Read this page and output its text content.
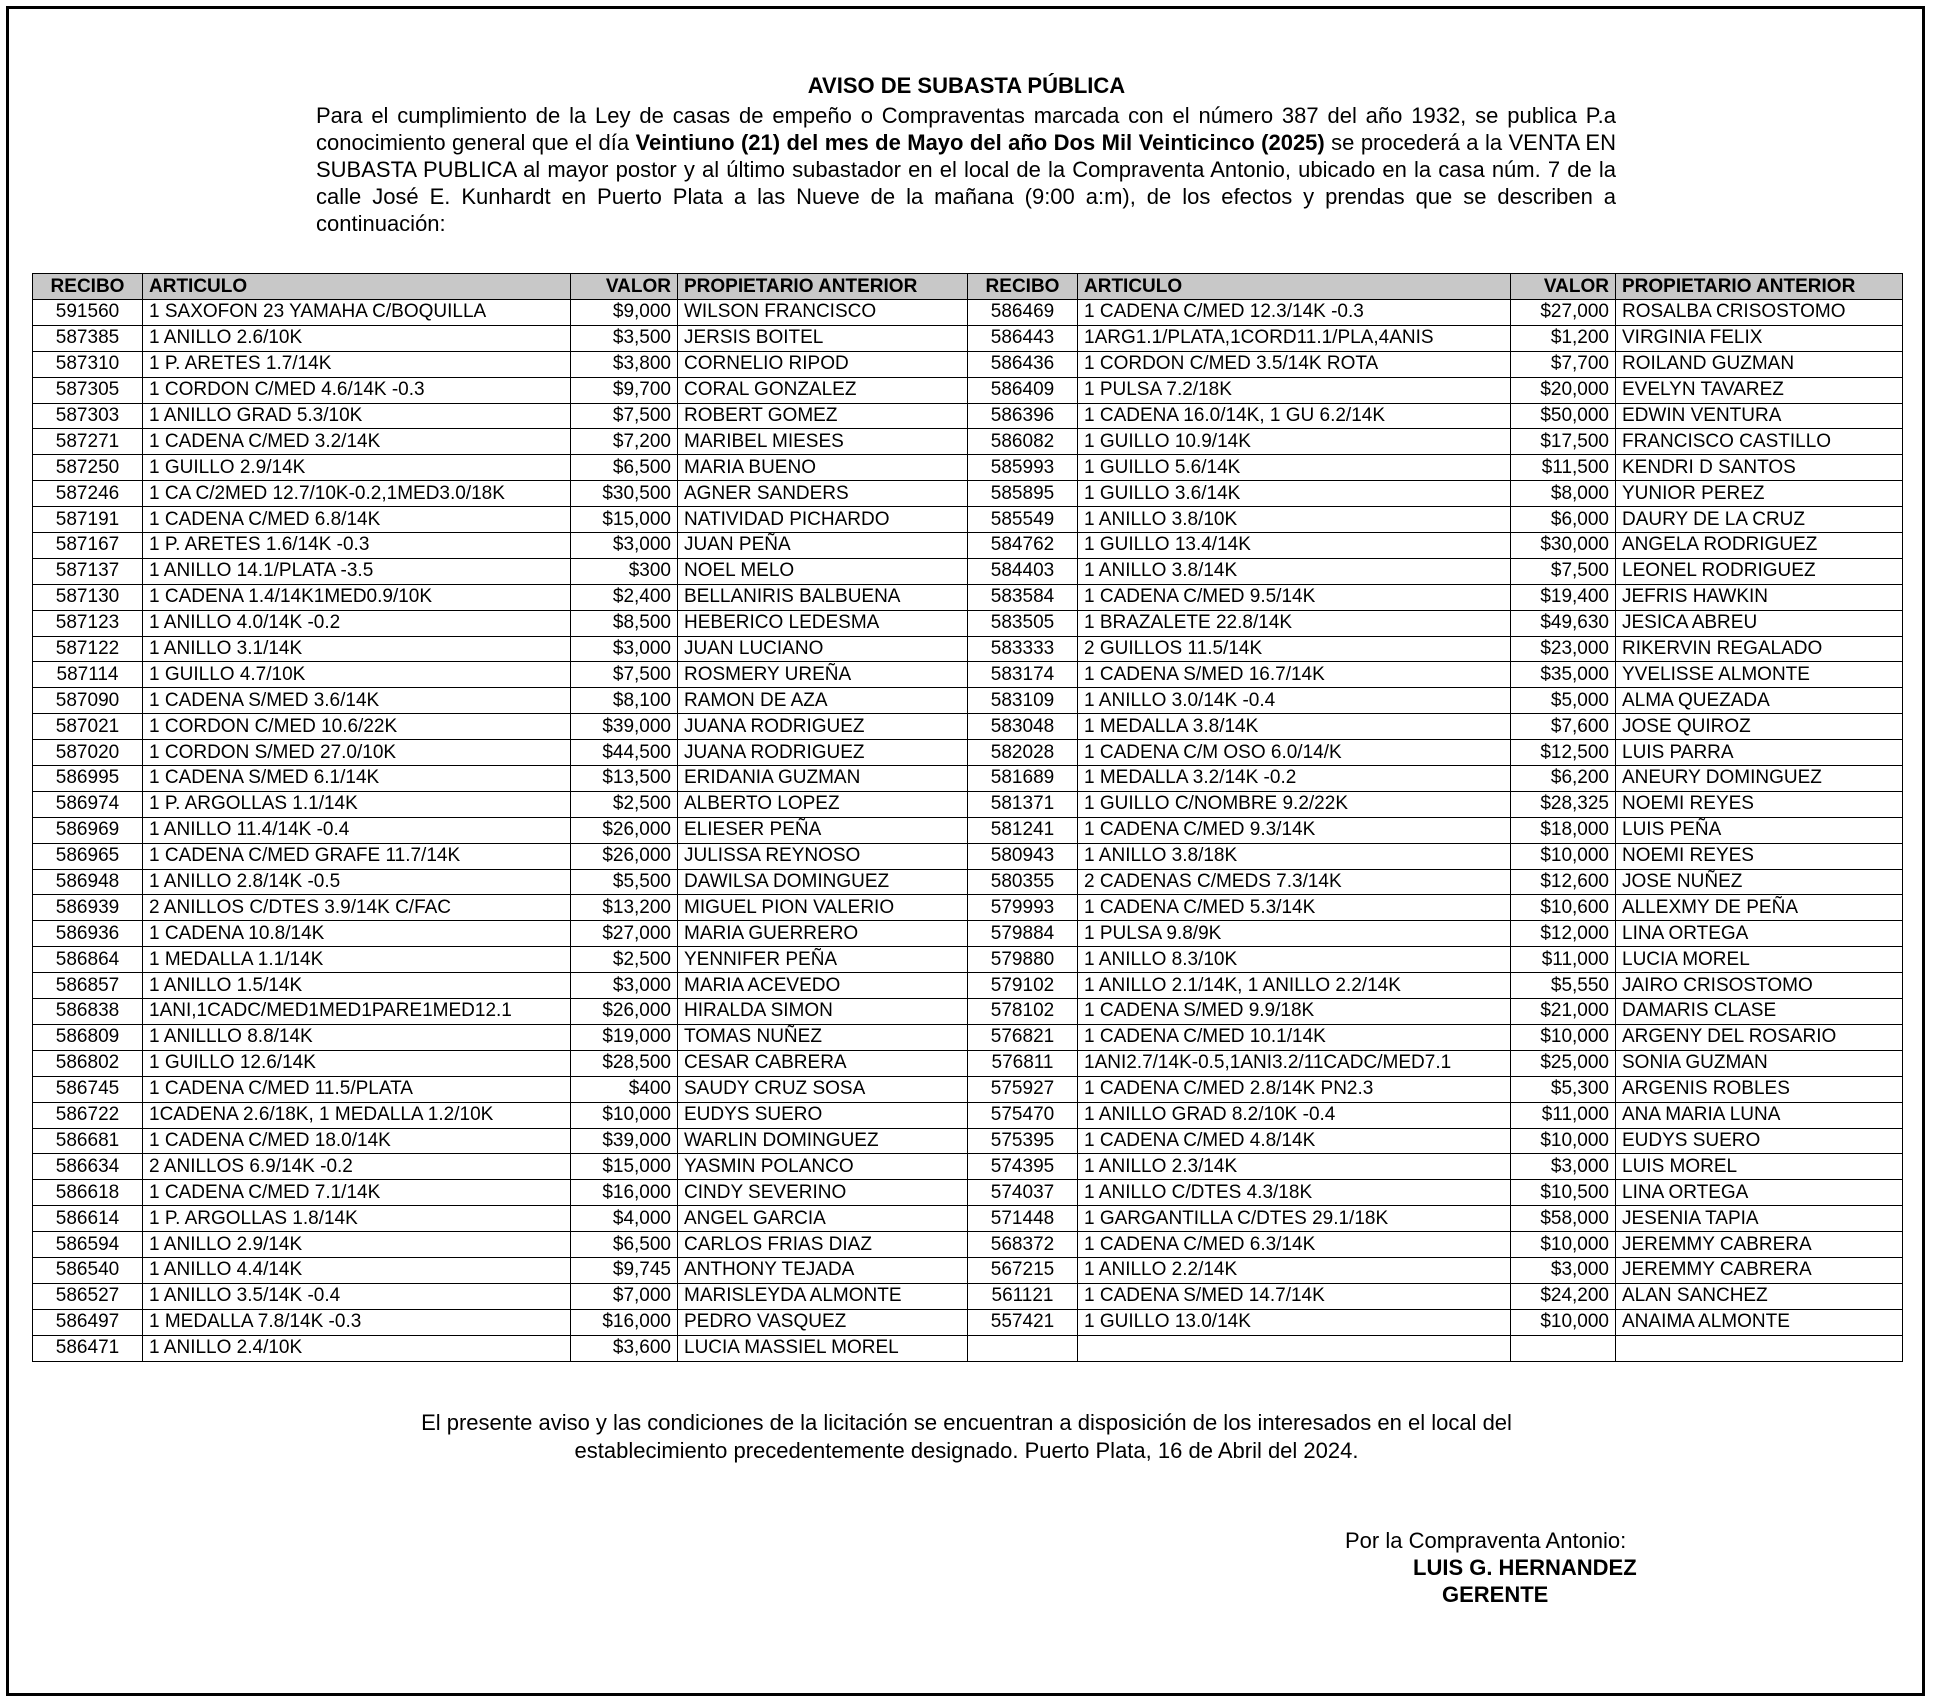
AVISO DE SUBASTA PÚBLICA

Para el cumplimiento de la Ley de casas de empeño o Compraventas marcada con el número 387 del año 1932, se publica P.a conocimiento general que el día Veintiuno (21) del mes de Mayo del año Dos Mil Veinticinco (2025) se procederá a la VENTA EN SUBASTA PUBLICA al mayor postor y al último subastador en el local de la Compraventa Antonio, ubicado en la casa núm. 7 de la calle José E. Kunhardt en Puerto Plata a las Nueve de la mañana (9:00 a:m), de los efectos y prendas que se describen a continuación:

RECIBO	ARTICULO	VALOR	PROPIETARIO ANTERIOR	RECIBO	ARTICULO	VALOR	PROPIETARIO ANTERIOR
591560	1 SAXOFON 23 YAMAHA C/BOQUILLA	$9,000	WILSON FRANCISCO	586469	1 CADENA C/MED 12.3/14K -0.3	$27,000	ROSALBA CRISOSTOMO
587385	1 ANILLO 2.6/10K	$3,500	JERSIS BOITEL	586443	1ARG1.1/PLATA,1CORD11.1/PLA,4ANIS	$1,200	VIRGINIA FELIX
587310	1 P. ARETES 1.7/14K	$3,800	CORNELIO RIPOD	586436	1 CORDON C/MED 3.5/14K ROTA	$7,700	ROILAND GUZMAN
587305	1 CORDON C/MED 4.6/14K -0.3	$9,700	CORAL GONZALEZ	586409	1 PULSA 7.2/18K	$20,000	EVELYN TAVAREZ
587303	1 ANILLO GRAD 5.3/10K	$7,500	ROBERT GOMEZ	586396	1 CADENA 16.0/14K, 1 GU 6.2/14K	$50,000	EDWIN VENTURA
587271	1 CADENA C/MED 3.2/14K	$7,200	MARIBEL MIESES	586082	1 GUILLO 10.9/14K	$17,500	FRANCISCO CASTILLO
587250	1 GUILLO 2.9/14K	$6,500	MARIA BUENO	585993	1 GUILLO 5.6/14K	$11,500	KENDRI D SANTOS
587246	1 CA C/2MED 12.7/10K-0.2,1MED3.0/18K	$30,500	AGNER SANDERS	585895	1 GUILLO 3.6/14K	$8,000	YUNIOR PEREZ
587191	1 CADENA C/MED 6.8/14K	$15,000	NATIVIDAD PICHARDO	585549	1 ANILLO 3.8/10K	$6,000	DAURY DE LA CRUZ
587167	1 P. ARETES 1.6/14K -0.3	$3,000	JUAN PEÑA	584762	1 GUILLO 13.4/14K	$30,000	ANGELA RODRIGUEZ
587137	1 ANILLO 14.1/PLATA -3.5	$300	NOEL MELO	584403	1 ANILLO 3.8/14K	$7,500	LEONEL RODRIGUEZ
587130	1 CADENA 1.4/14K1MED0.9/10K	$2,400	BELLANIRIS BALBUENA	583584	1 CADENA C/MED 9.5/14K	$19,400	JEFRIS HAWKIN
587123	1 ANILLO 4.0/14K -0.2	$8,500	HEBERICO LEDESMA	583505	1 BRAZALETE 22.8/14K	$49,630	JESICA ABREU
587122	1 ANILLO 3.1/14K	$3,000	JUAN LUCIANO	583333	2 GUILLOS 11.5/14K	$23,000	RIKERVIN REGALADO
587114	1 GUILLO 4.7/10K	$7,500	ROSMERY UREÑA	583174	1 CADENA S/MED 16.7/14K	$35,000	YVELISSE ALMONTE
587090	1 CADENA S/MED 3.6/14K	$8,100	RAMON DE AZA	583109	1 ANILLO 3.0/14K -0.4	$5,000	ALMA QUEZADA
587021	1 CORDON C/MED 10.6/22K	$39,000	JUANA RODRIGUEZ	583048	1 MEDALLA 3.8/14K	$7,600	JOSE QUIROZ
587020	1 CORDON S/MED 27.0/10K	$44,500	JUANA RODRIGUEZ	582028	1 CADENA C/M OSO 6.0/14/K	$12,500	LUIS PARRA
586995	1 CADENA S/MED 6.1/14K	$13,500	ERIDANIA GUZMAN	581689	1 MEDALLA 3.2/14K -0.2	$6,200	ANEURY DOMINGUEZ
586974	1 P. ARGOLLAS 1.1/14K	$2,500	ALBERTO LOPEZ	581371	1 GUILLO C/NOMBRE 9.2/22K	$28,325	NOEMI REYES
586969	1 ANILLO 11.4/14K -0.4	$26,000	ELIESER PEÑA	581241	1 CADENA C/MED 9.3/14K	$18,000	LUIS PEÑA
586965	1 CADENA C/MED GRAFE 11.7/14K	$26,000	JULISSA REYNOSO	580943	1 ANILLO 3.8/18K	$10,000	NOEMI REYES
586948	1 ANILLO 2.8/14K -0.5	$5,500	DAWILSA DOMINGUEZ	580355	2 CADENAS C/MEDS 7.3/14K	$12,600	JOSE NUÑEZ
586939	2 ANILLOS C/DTES 3.9/14K C/FAC	$13,200	MIGUEL PION VALERIO	579993	1 CADENA C/MED 5.3/14K	$10,600	ALLEXMY DE PEÑA
586936	1 CADENA 10.8/14K	$27,000	MARIA GUERRERO	579884	1 PULSA 9.8/9K	$12,000	LINA ORTEGA
586864	1 MEDALLA 1.1/14K	$2,500	YENNIFER PEÑA	579880	1 ANILLO 8.3/10K	$11,000	LUCIA MOREL
586857	1 ANILLO 1.5/14K	$3,000	MARIA ACEVEDO	579102	1 ANILLO 2.1/14K, 1 ANILLO 2.2/14K	$5,550	JAIRO CRISOSTOMO
586838	1ANI,1CADC/MED1MED1PARE1MED12.1	$26,000	HIRALDA SIMON	578102	1 CADENA S/MED 9.9/18K	$21,000	DAMARIS CLASE
586809	1 ANILLLO 8.8/14K	$19,000	TOMAS NUÑEZ	576821	1 CADENA C/MED 10.1/14K	$10,000	ARGENY DEL ROSARIO
586802	1 GUILLO 12.6/14K	$28,500	CESAR CABRERA	576811	1ANI2.7/14K-0.5,1ANI3.2/11CADC/MED7.1	$25,000	SONIA GUZMAN
586745	1 CADENA C/MED 11.5/PLATA	$400	SAUDY CRUZ SOSA	575927	1 CADENA C/MED 2.8/14K PN2.3	$5,300	ARGENIS ROBLES
586722	1CADENA 2.6/18K, 1 MEDALLA 1.2/10K	$10,000	EUDYS SUERO	575470	1 ANILLO GRAD 8.2/10K -0.4	$11,000	ANA MARIA LUNA
586681	1 CADENA C/MED 18.0/14K	$39,000	WARLIN DOMINGUEZ	575395	1 CADENA C/MED 4.8/14K	$10,000	EUDYS SUERO
586634	2 ANILLOS 6.9/14K -0.2	$15,000	YASMIN POLANCO	574395	1 ANILLO 2.3/14K	$3,000	LUIS MOREL
586618	1 CADENA C/MED 7.1/14K	$16,000	CINDY SEVERINO	574037	1 ANILLO C/DTES 4.3/18K	$10,500	LINA ORTEGA
586614	1 P. ARGOLLAS 1.8/14K	$4,000	ANGEL GARCIA	571448	1 GARGANTILLA C/DTES 29.1/18K	$58,000	JESENIA TAPIA
586594	1 ANILLO 2.9/14K	$6,500	CARLOS FRIAS DIAZ	568372	1 CADENA C/MED 6.3/14K	$10,000	JEREMMY CABRERA
586540	1 ANILLO 4.4/14K	$9,745	ANTHONY TEJADA	567215	1 ANILLO 2.2/14K	$3,000	JEREMMY CABRERA
586527	1 ANILLO 3.5/14K -0.4	$7,000	MARISLEYDA ALMONTE	561121	1 CADENA S/MED 14.7/14K	$24,200	ALAN SANCHEZ
586497	1 MEDALLA 7.8/14K -0.3	$16,000	PEDRO VASQUEZ	557421	1 GUILLO 13.0/14K	$10,000	ANAIMA ALMONTE
586471	1 ANILLO 2.4/10K	$3,600	LUCIA MASSIEL MOREL				

El presente aviso y las condiciones de la licitación se encuentran a disposición de los interesados en el local del
establecimiento precedentemente designado. Puerto Plata, 16 de Abril del 2024.

Por la Compraventa Antonio:

LUIS G. HERNANDEZ

GERENTE
